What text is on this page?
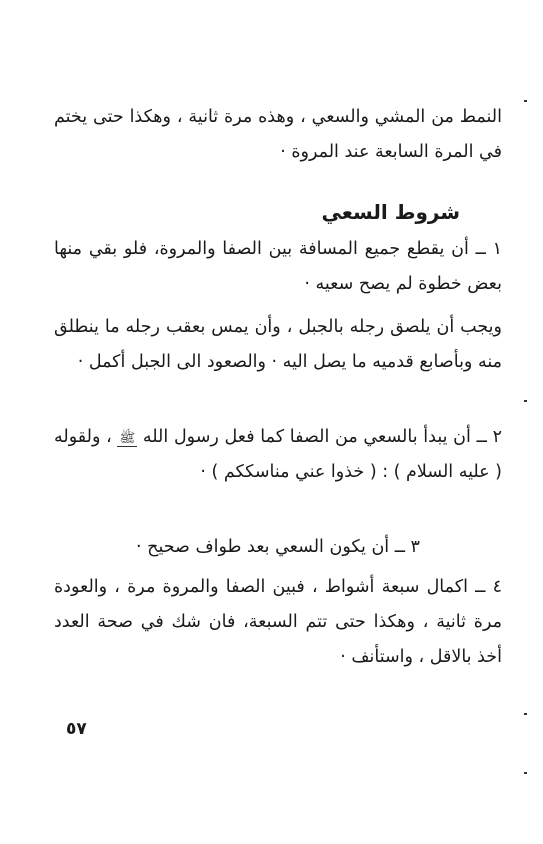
النمط من المشي والسعي ، وهذه مرة ثانية ، وهكذا حتى يختم في المرة السابعة عند المروة ·

شروط السعي

١ ــ أن يقطع جميع المسافة بين الصفا والمروة، فلو بقي منها بعض خطوة لم يصح سعيه ·

ويجب أن يلصق رجله بالجبل ، وأن يمس بعقب رجله ما ينطلق منه وبأصابع قدميه ما يصل اليه · والصعود الى الجبل أكمل ·

٢ ــ أن يبدأ بالسعي من الصفا كما فعل رسول الله ﷺ ، ولقوله ( عليه السلام ) : ( خذوا عني مناسككم ) ·

٣ ــ أن يكون السعي بعد طواف صحيح ·

٤ ــ اكمال سبعة أشواط ، فبين الصفا والمروة مرة ، والعودة مرة ثانية ، وهكذا حتى تتم السبعة، فان شك في صحة العدد أخذ بالاقل ، واستأنف ·

٥٧
